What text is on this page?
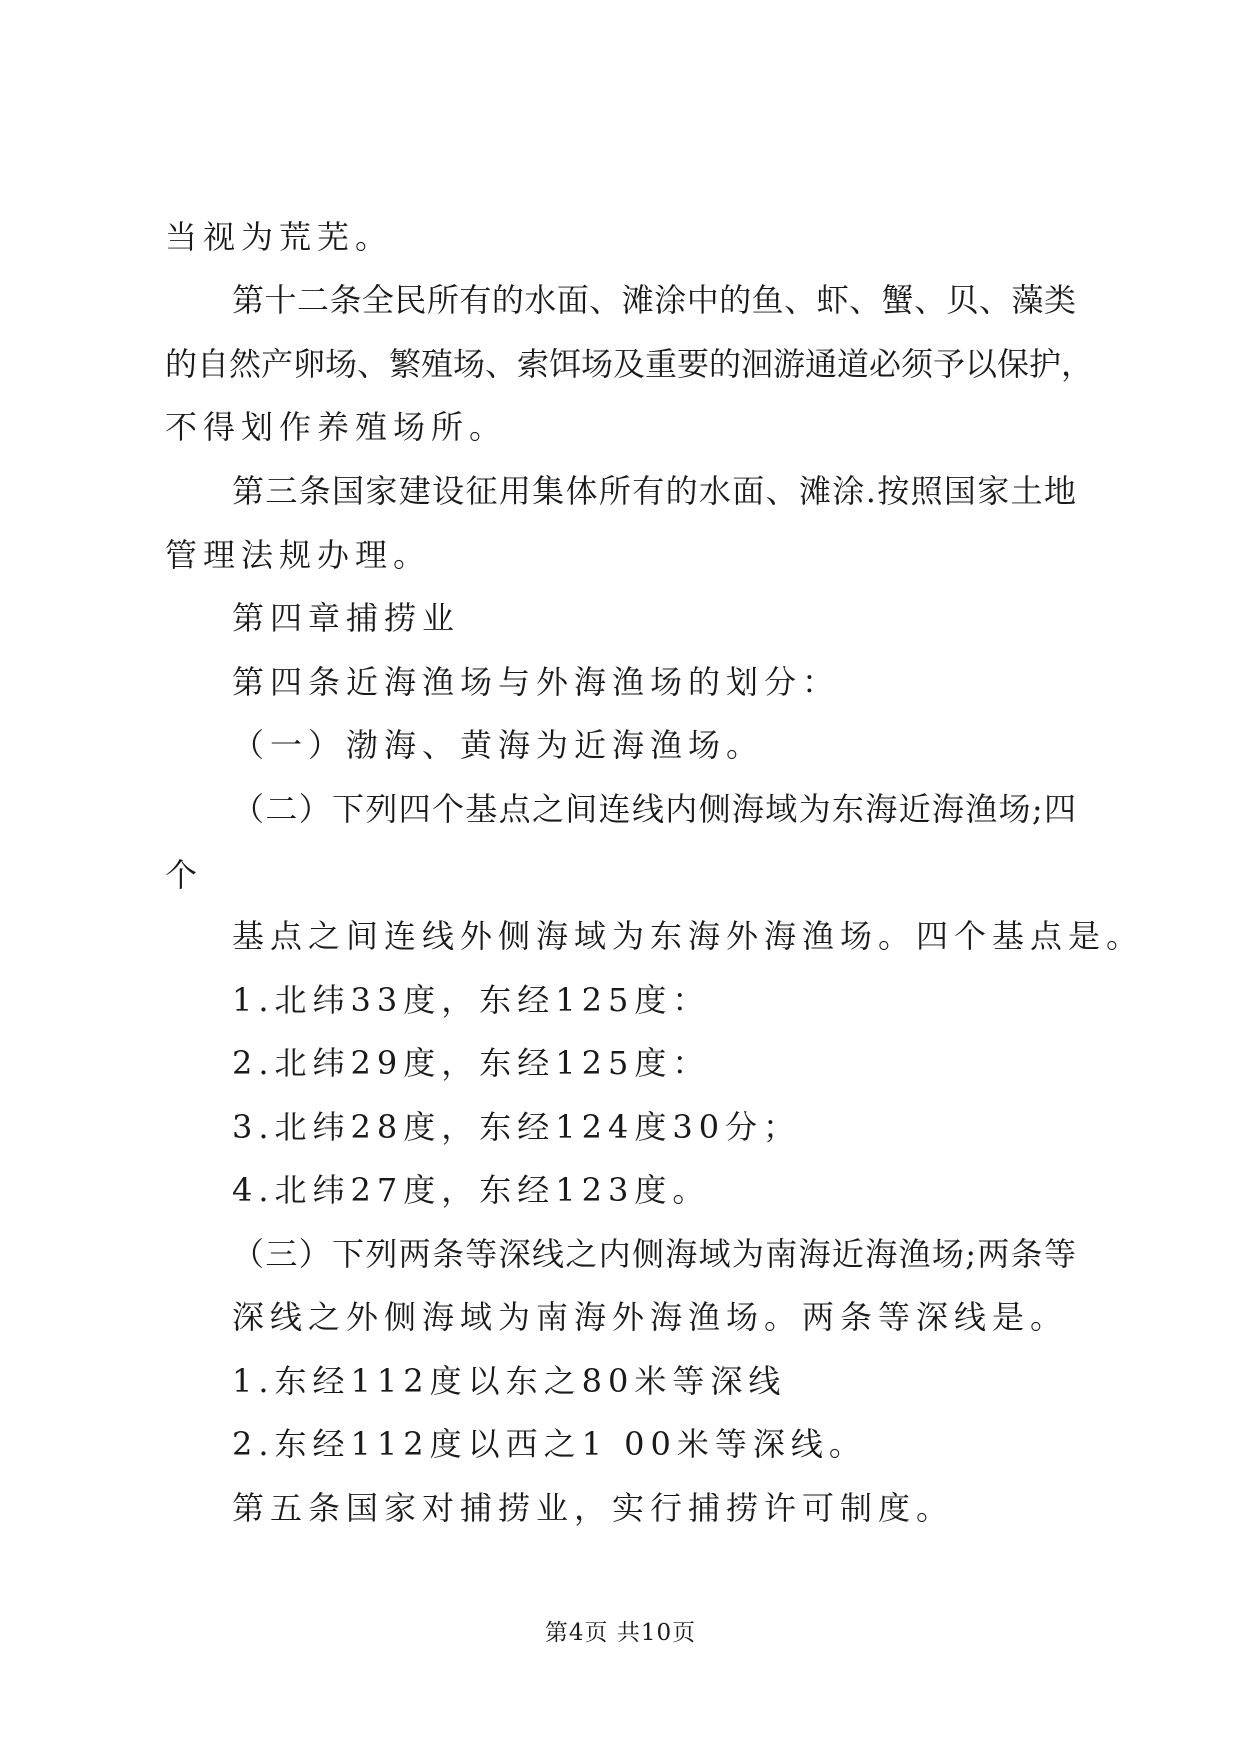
当视为荒芜。
第十二条全民所有的水面、滩涂中的鱼、虾、蟹、贝、藻类
的自然产卵场、繁殖场、索饵场及重要的洄游通道必须予以保护，
不得划作养殖场所。
第三条国家建设征用集体所有的水面、滩涂.按照国家土地
管理法规办理。
第四章捕捞业
第四条近海渔场与外海渔场的划分：
（一）渤海、黄海为近海渔场。
（二）下列四个基点之间连线内侧海域为东海近海渔场;四
个
基点之间连线外侧海域为东海外海渔场。四个基点是。
1.北纬33度，东经125度：
2.北纬29度，东经125度：
3.北纬28度，东经124度30分；
4.北纬27度，东经123度。
（三）下列两条等深线之内侧海域为南海近海渔场;两条等
深线之外侧海域为南海外海渔场。两条等深线是。
1.东经112度以东之80米等深线
2.东经112度以西之1 00米等深线。
第五条国家对捕捞业，实行捕捞许可制度。
第4页 共10页
